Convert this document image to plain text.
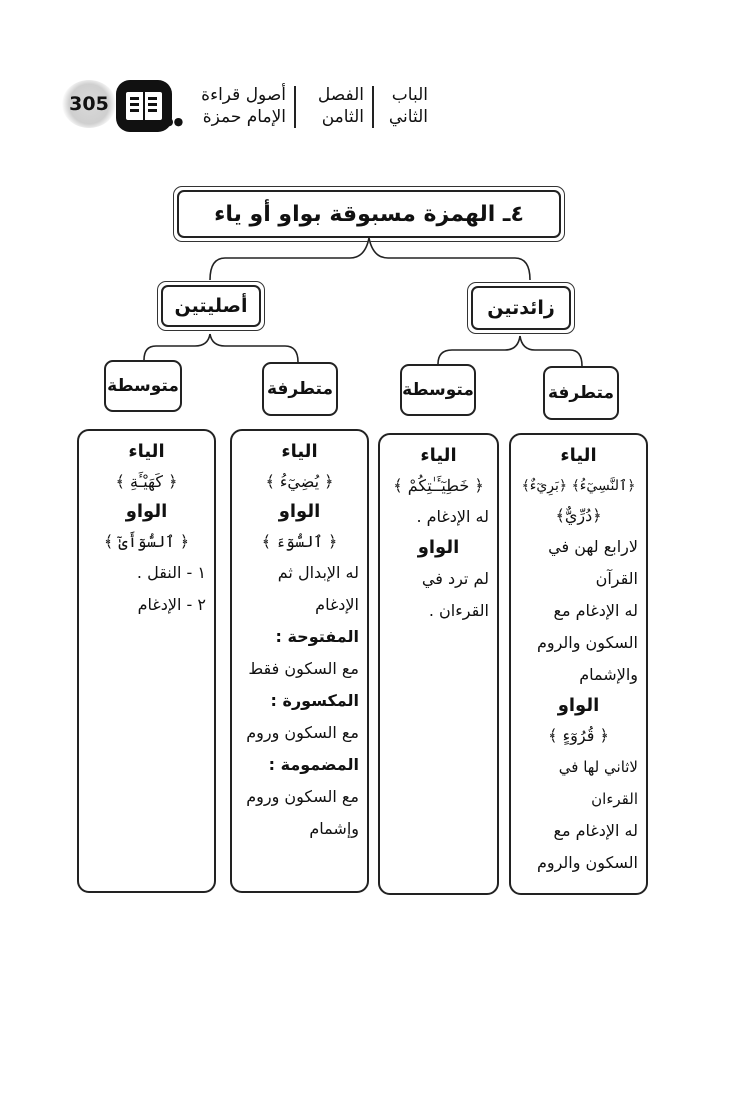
305
●●
أصول قراءة
الإمام حمزة
الفصل
الثامن
الباب
الثاني
٤ـ الهمزة مسبوقة بواو أو ياء
أصليتين	زائدتين
متوسطة	متطرفة	متوسطة	متطرفة
الياء
﴿ كَهَيْـَٔةِ ﴾
الواو
﴿ ٱلسُّوٓأَىٰٓ ﴾
١ - النقل .
٢ - الإدغام
الياء
﴿ يُضِيٓءُ ﴾
الواو
﴿ ٱلسُّوٓءَ ﴾
له الإبدال ثم
الإدغام
المفتوحة :
مع السكون فقط
المكسورة :
مع السكون وروم
المضمومة :
مع السكون وروم
وإشمام
الياء
﴿ خَطِيٓـَٔـٰتِكُمْ ﴾
له الإدغام .
الواو
لم ترد في القرءان .
الياء
﴿ٱلنَّسِيٓءُ﴾ ﴿بَرِيٓءٌ﴾
﴿دُرِّيٌّ﴾
لارابع لهن في
القرآن
له الإدغام مع
السكون والروم
والإشمام
الواو
﴿ قُرُوٓءٍ ﴾
لاثاني لها في القرءان
له الإدغام مع
السكون والروم
